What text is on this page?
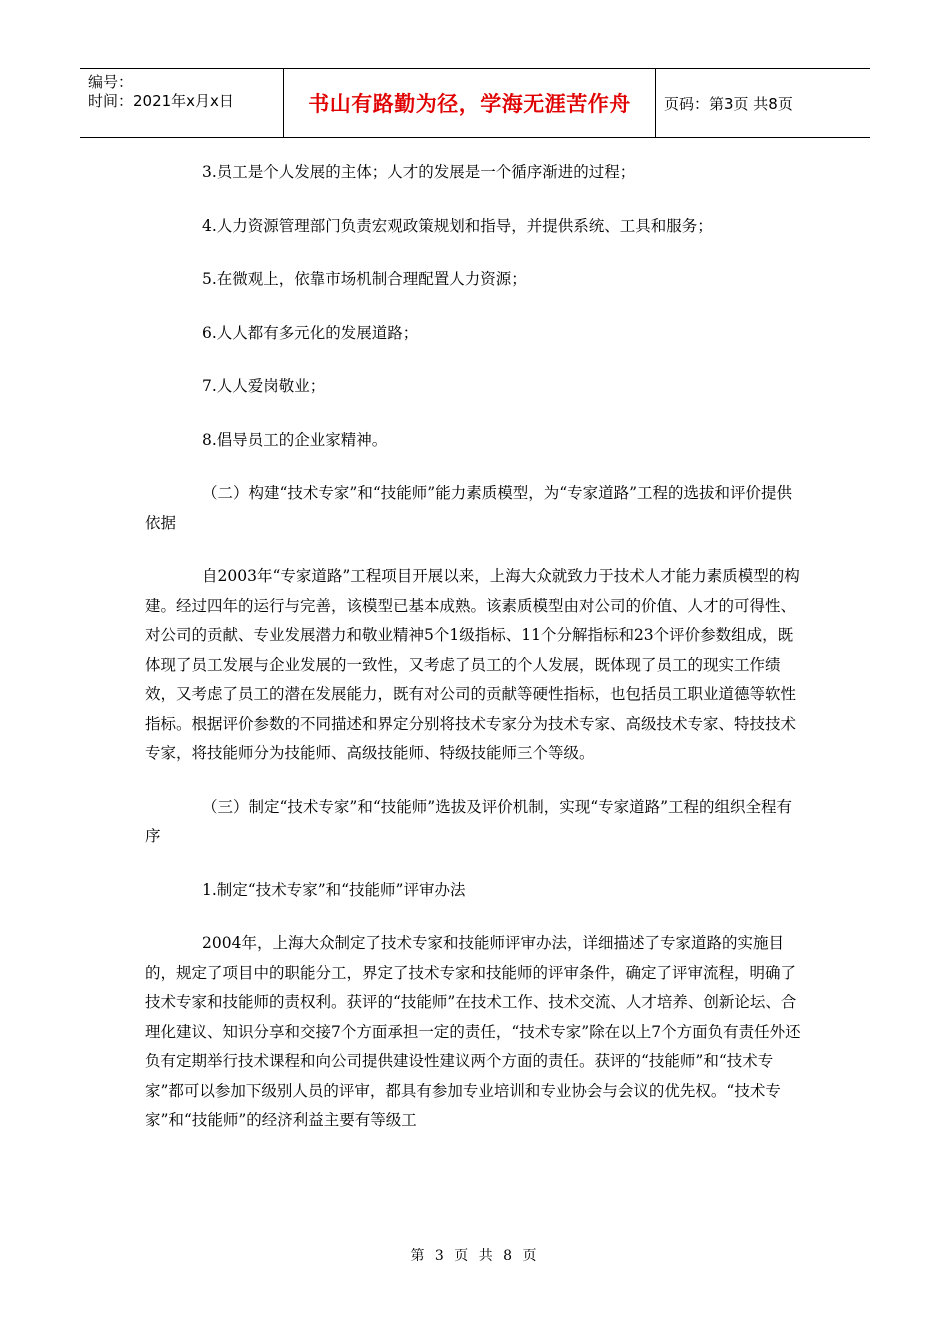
编号：
时间：2021年x月x日	书山有路勤为径，学海无涯苦作舟	页码：第3页 共8页

3.员工是个人发展的主体；人才的发展是一个循序渐进的过程；

4.人力资源管理部门负责宏观政策规划和指导，并提供系统、工具和服务；

5.在微观上，依靠市场机制合理配置人力资源；

6.人人都有多元化的发展道路；

7.人人爱岗敬业；

8.倡导员工的企业家精神。

（二）构建“技术专家”和“技能师”能力素质模型，为“专家道路”工程的选拔和评价提供依据

自2003年“专家道路”工程项目开展以来，上海大众就致力于技术人才能力素质模型的构建。经过四年的运行与完善，该模型已基本成熟。该素质模型由对公司的价值、人才的可得性、对公司的贡献、专业发展潜力和敬业精神5个1级指标、11个分解指标和23个评价参数组成，既体现了员工发展与企业发展的一致性，又考虑了员工的个人发展，既体现了员工的现实工作绩效，又考虑了员工的潜在发展能力，既有对公司的贡献等硬性指标，也包括员工职业道德等软性指标。根据评价参数的不同描述和界定分别将技术专家分为技术专家、高级技术专家、特技技术专家，将技能师分为技能师、高级技能师、特级技能师三个等级。

（三）制定“技术专家”和“技能师”选拔及评价机制，实现“专家道路”工程的组织全程有序

1.制定“技术专家”和“技能师”评审办法

2004年，上海大众制定了技术专家和技能师评审办法，详细描述了专家道路的实施目的，规定了项目中的职能分工，界定了技术专家和技能师的评审条件，确定了评审流程，明确了技术专家和技能师的责权利。获评的“技能师”在技术工作、技术交流、人才培养、创新论坛、合理化建议、知识分享和交接7个方面承担一定的责任，“技术专家”除在以上7个方面负有责任外还负有定期举行技术课程和向公司提供建设性建议两个方面的责任。获评的“技能师”和“技术专家”都可以参加下级别人员的评审，都具有参加专业培训和专业协会与会议的优先权。“技术专家”和“技能师”的经济利益主要有等级工

第 3 页 共 8 页
